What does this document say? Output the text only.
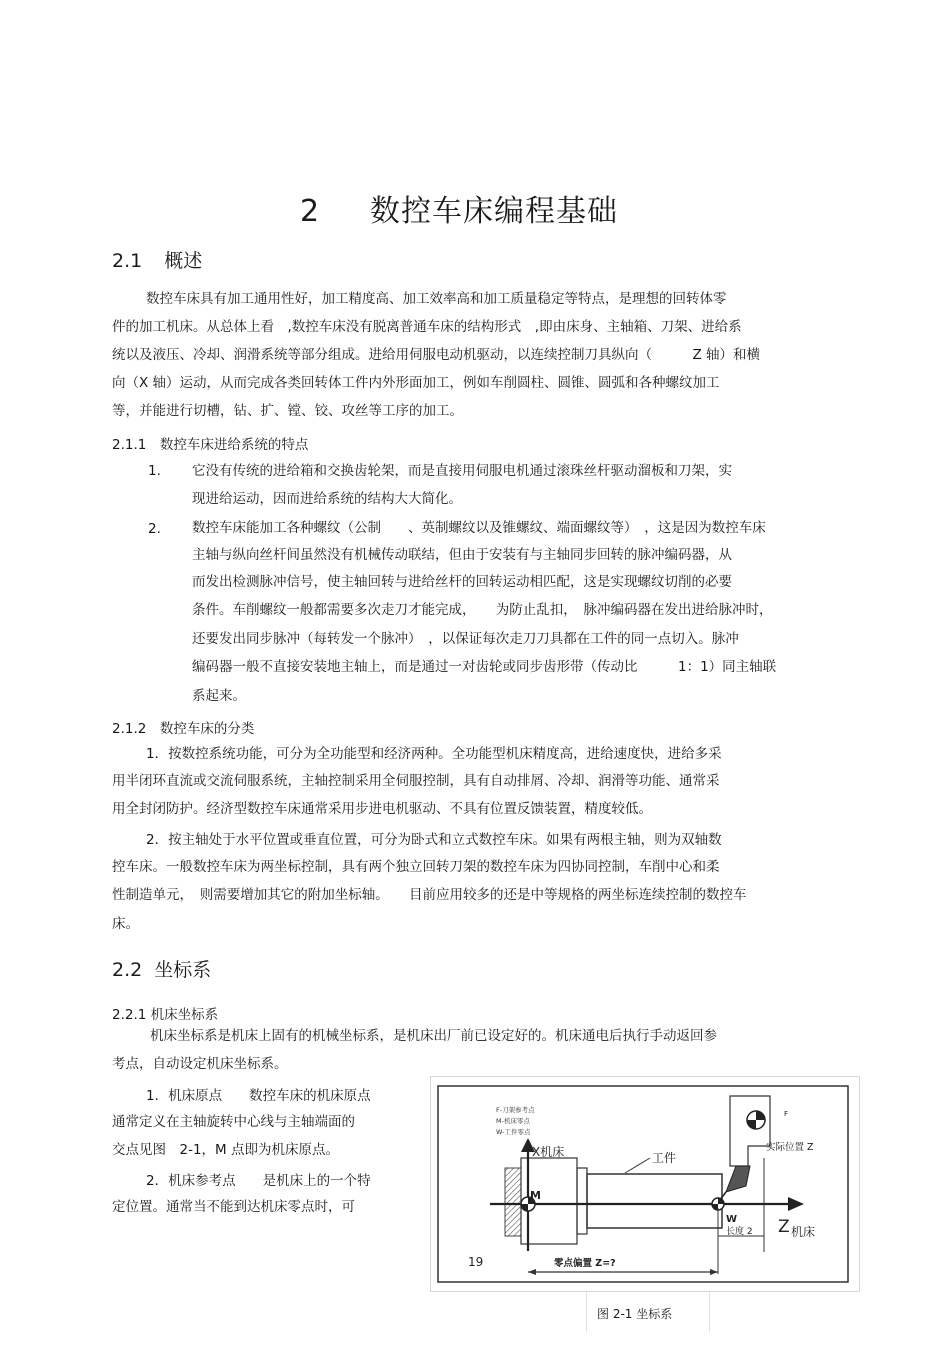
2 数控车床编程基础
2.1 概述
数控车床具有加工通用性好，加工精度高、加工效率高和加工质量稳定等特点，是理想的回转体零
件的加工机床。从总体上看　,数控车床没有脱离普通车床的结构形式　,即由床身、主轴箱、刀架、进给系
统以及液压、冷却、润滑系统等部分组成。进给用伺服电动机驱动，以连续控制刀具纵向（　　　Z 轴）和横
向（X 轴）运动，从而完成各类回转体工件内外形面加工，例如车削圆柱、圆锥、圆弧和各种螺纹加工
等，并能进行切槽，钻、扩、镗、铰、攻丝等工序的加工。
2.1.1　数控车床进给系统的特点
1. 它没有传统的进给箱和交换齿轮架，而是直接用伺服电机通过滚珠丝杆驱动溜板和刀架，实
现进给运动，因而进给系统的结构大大简化。
2. 数控车床能加工各种螺纹（公制　　、英制螺纹以及锥螺纹、端面螺纹等）　，这是因为数控车床
主轴与纵向丝杆间虽然没有机械传动联结，但由于安装有与主轴同步回转的脉冲编码器，从
而发出检测脉冲信号，使主轴回转与进给丝杆的回转运动相匹配，这是实现螺纹切削的必要
条件。车削螺纹一般都需要多次走刀才能完成，　　为防止乱扣，　脉冲编码器在发出进给脉冲时，
还要发出同步脉冲（每转发一个脉冲）　，以保证每次走刀刀具都在工件的同一点切入。脉冲
编码器一般不直接安装地主轴上，而是通过一对齿轮或同步齿形带（传动比　　　1：1）同主轴联
系起来。
2.1.2　数控车床的分类
1．按数控系统功能，可分为全功能型和经济两种。全功能型机床精度高，进给速度快，进给多采
用半闭环直流或交流伺服系统，主轴控制采用全伺服控制，具有自动排屑、冷却、润滑等功能、通常采
用全封闭防护。经济型数控车床通常采用步进电机驱动、不具有位置反馈装置，精度较低。
2．按主轴处于水平位置或垂直位置，可分为卧式和立式数控车床。如果有两根主轴，则为双轴数
控车床。一般数控车床为两坐标控制，具有两个独立回转刀架的数控车床为四协同控制，车削中心和柔
性制造单元，　则需要增加其它的附加坐标轴。　　目前应用较多的还是中等规格的两坐标连续控制的数控车
床。
2.2 坐标系
2.2.1 机床坐标系
机床坐标系是机床上固有的机械坐标系，是机床出厂前已设定好的。机床通电后执行手动返回参
考点，自动设定机床坐标系。
1．机床原点　　数控车床的机床原点
通常定义在主轴旋转中心线与主轴端面的
交点见图　2-1，M 点即为机床原点。
2．机床参考点　　是机床上的一个特
定位置。通常当不能到达机床零点时，可
F-刀架参考点
M-机床零点
W-工件零点
工件
Z 机床
X机床
M
W
长度 2
F
实际位置 Z
零点偏置 Z=?
19
图 2-1 坐标系
